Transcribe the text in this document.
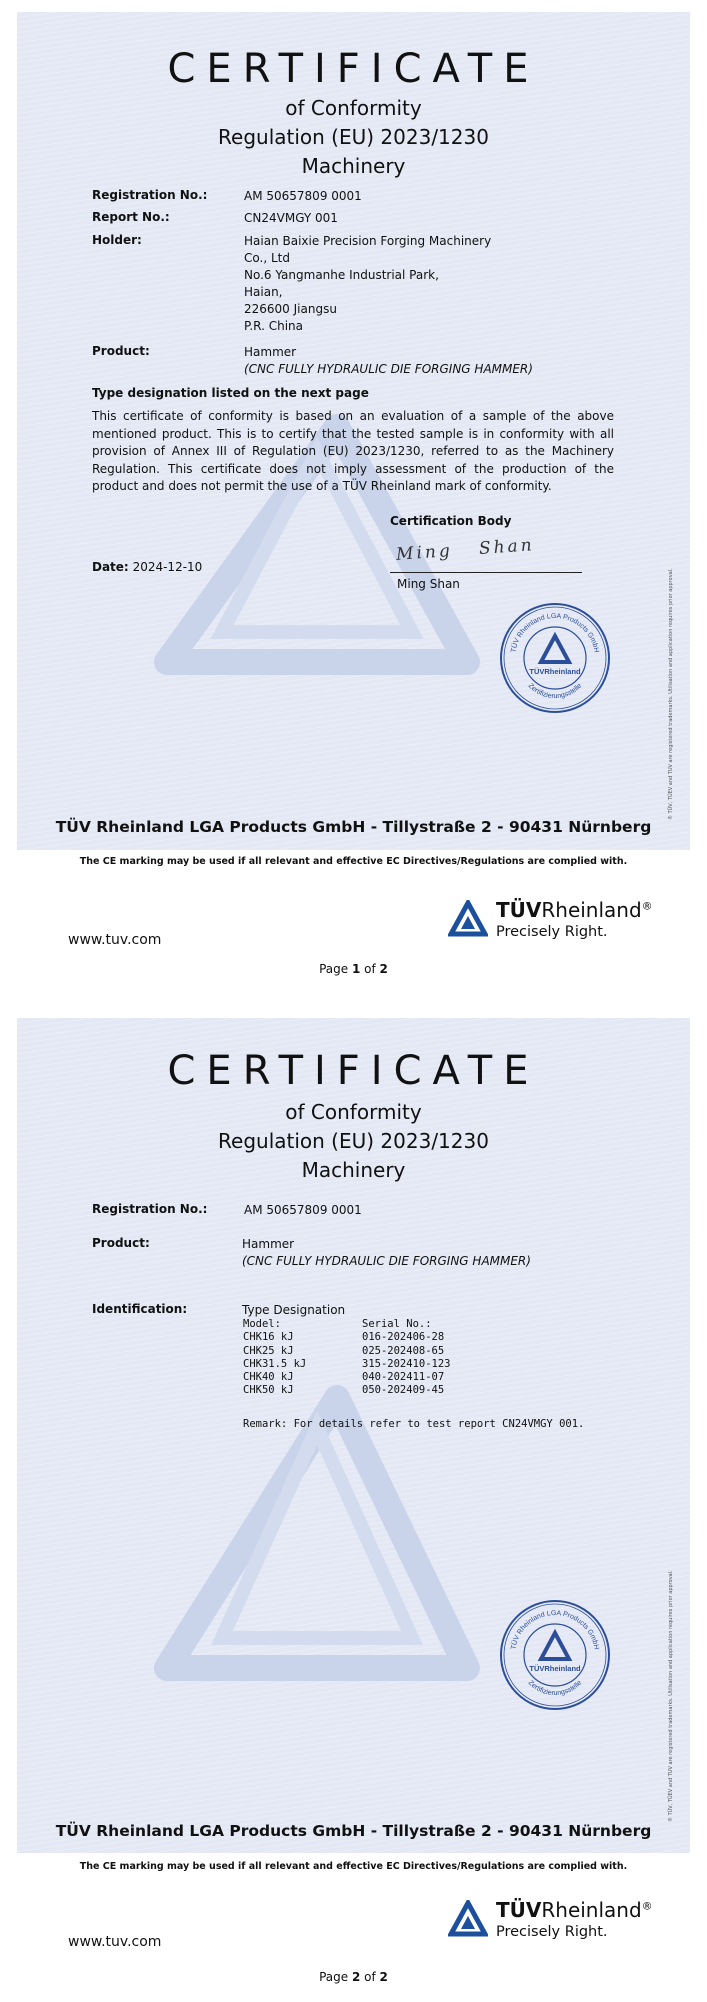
CERTIFICATE
of Conformity
Regulation (EU) 2023/1230
Machinery
Registration No.:	AM 50657809 0001
Report No.:	CN24VMGY 001
Holder:	Haian Baixie Precision Forging Machinery
Co., Ltd
No.6 Yangmanhe Industrial Park,
Haian,
226600 Jiangsu
P.R. China
Product:	Hammer
(CNC FULLY HYDRAULIC DIE FORGING HAMMER)
Type designation listed on the next page
This certificate of conformity is based on an evaluation of a sample of the above mentioned product. This is to certify that the tested sample is in conformity with all provision of Annex III of Regulation (EU) 2023/1230, referred to as the Machinery Regulation. This certificate does not imply assessment of the production of the product and does not permit the use of a TÜV Rheinland mark of conformity.
Certification Body
Date: 2024-12-10
Ming Shan
Ming Shan
TÜV Rheinland LGA Products GmbH
Zertifizierungsstelle
TÜVRheinland	® TÜV, TÜEV and TUV are registered trademarks. Utilisation and application requires prior approval.
TÜV Rheinland LGA Products GmbH - Tillystraße 2 - 90431 Nürnberg
The CE marking may be used if all relevant and effective EC Directives/Regulations are complied with.
www.tuv.com
TÜVRheinland®
Precisely Right.
Page 1 of 2
CERTIFICATE
of Conformity
Regulation (EU) 2023/1230
Machinery
Registration No.:	AM 50657809 0001
Product:	Hammer
(CNC FULLY HYDRAULIC DIE FORGING HAMMER)
Identification:	Type Designation
Model:	Serial No.:
CHK16 kJ	016-202406-28
CHK25 kJ	025-202408-65
CHK31.5 kJ	315-202410-123
CHK40 kJ	040-202411-07
CHK50 kJ	050-202409-45
Remark: For details refer to test report CN24VMGY 001.
TÜV Rheinland LGA Products GmbH
Zertifizierungsstelle
TÜVRheinland	® TÜV, TÜEV and TUV are registered trademarks. Utilisation and application requires prior approval.
TÜV Rheinland LGA Products GmbH - Tillystraße 2 - 90431 Nürnberg
The CE marking may be used if all relevant and effective EC Directives/Regulations are complied with.
www.tuv.com
TÜVRheinland®
Precisely Right.
Page 2 of 2
